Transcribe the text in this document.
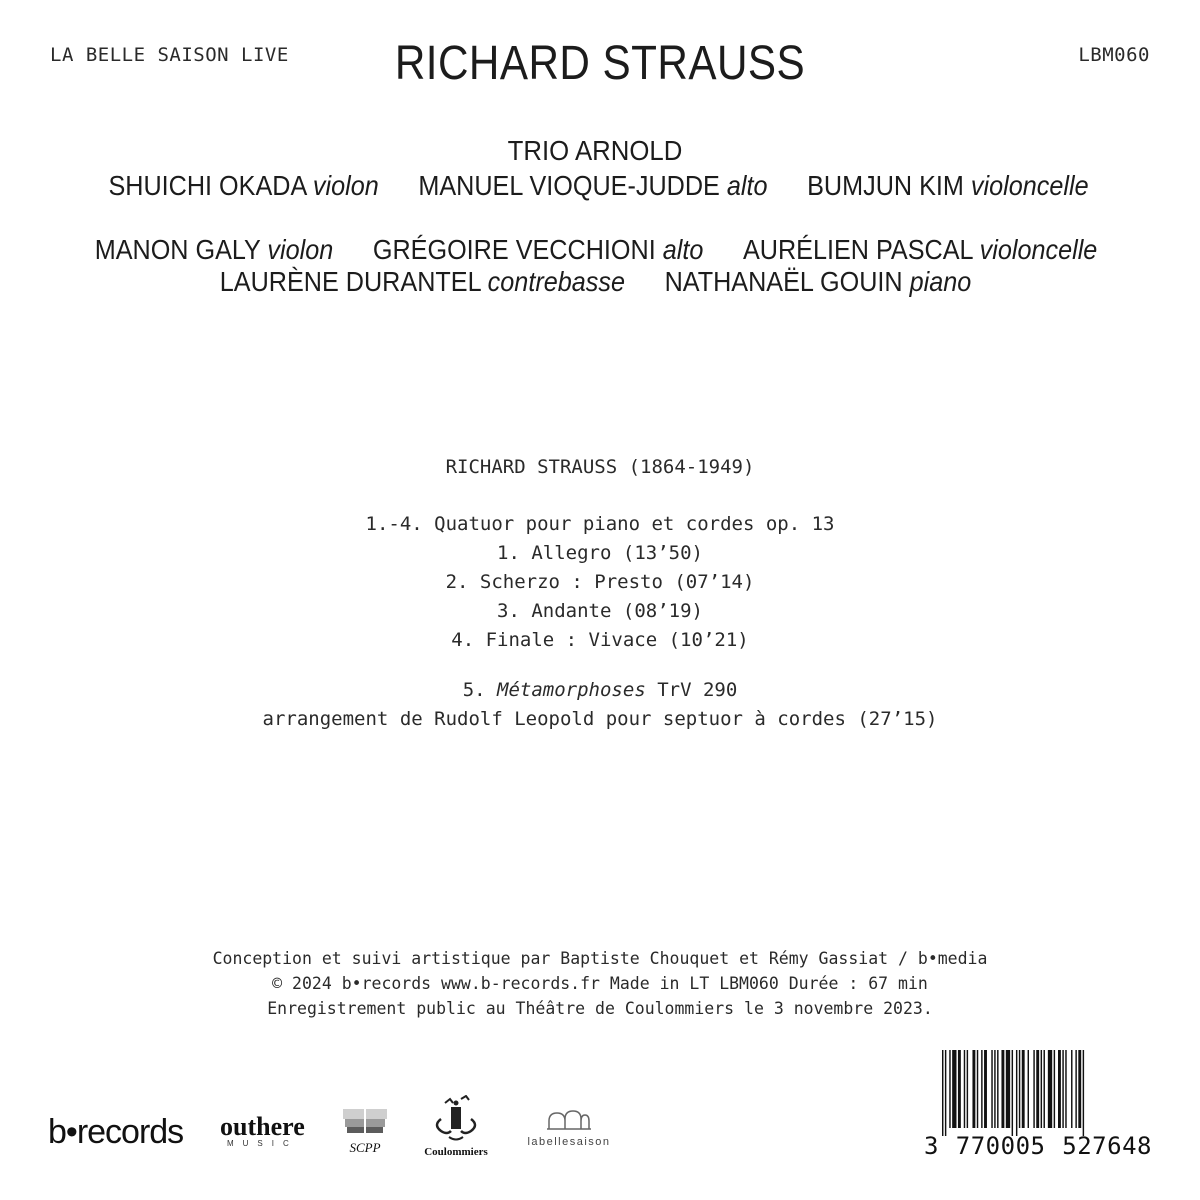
LA BELLE SAISON LIVE	LBM060
RICHARD STRAUSS
TRIO ARNOLD
SHUICHI OKADA violon MANUEL VIOQUE-JUDDE alto BUMJUN KIM violoncelle
MANON GALY violon GRÉGOIRE VECCHIONI alto AURÉLIEN PASCAL violoncelle
LAURÈNE DURANTEL contrebasse NATHANAËL GOUIN piano
RICHARD STRAUSS (1864-1949)
1.-4. Quatuor pour piano et cordes op. 13
1. Allegro (13’50)
2. Scherzo : Presto (07’14)
3. Andante (08’19)
4. Finale : Vivace (10’21)
5. Métamorphoses TrV 290
arrangement de Rudolf Leopold pour septuor à cordes (27’15)
Conception et suivi artistique par Baptiste Chouquet et Rémy Gassiat / b•media
© 2024 b•records www.b-records.fr Made in LT LBM060 Durée : 67 min
Enregistrement public au Théâtre de Coulommiers le 3 novembre 2023.
b•records outhere
MUSIC	SCPP	Coulommiers
labellesaison	3 770005 527648
